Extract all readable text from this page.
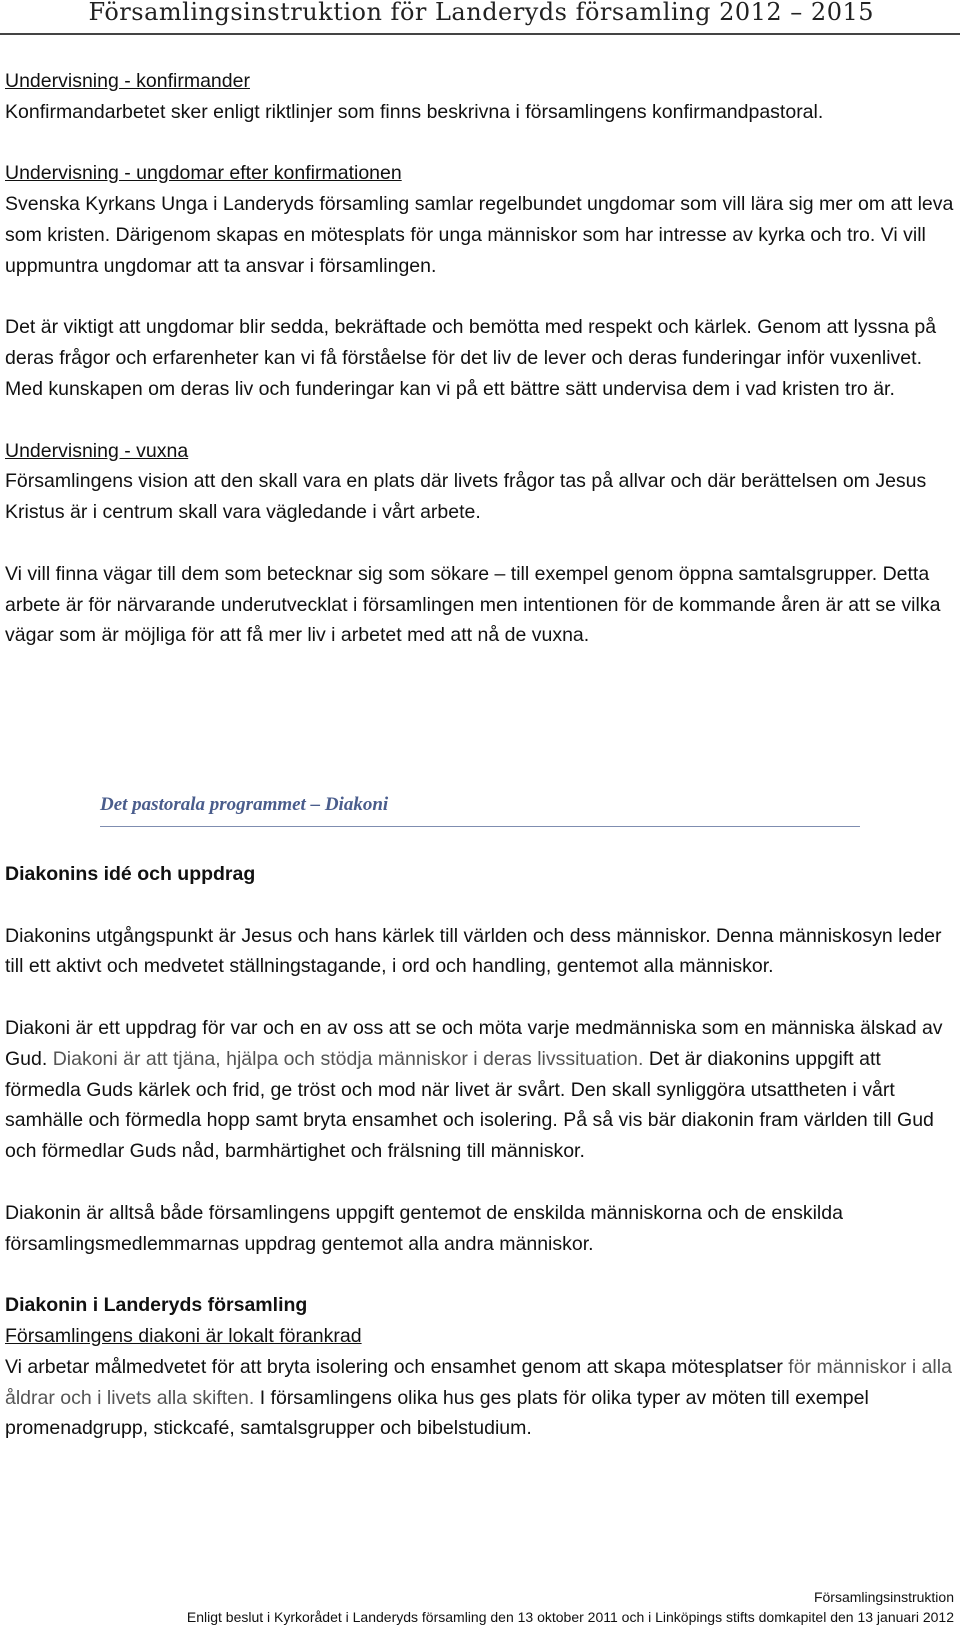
Församlingsinstruktion för Landeryds församling 2012 – 2015

Undervisning - konfirmander

Konfirmandarbetet sker enligt riktlinjer som finns beskrivna i församlingens konfirmandpastoral.

Undervisning - ungdomar efter konfirmationen

Svenska Kyrkans Unga i Landeryds församling samlar regelbundet ungdomar som vill lära sig mer om att leva som kristen. Därigenom skapas en mötesplats för unga människor som har intresse av kyrka och tro. Vi vill uppmuntra ungdomar att ta ansvar i församlingen.

Det är viktigt att ungdomar blir sedda, bekräftade och bemötta med respekt och kärlek. Genom att lyssna på deras frågor och erfarenheter kan vi få förståelse för det liv de lever och deras funderingar inför vuxenlivet. Med kunskapen om deras liv och funderingar kan vi på ett bättre sätt undervisa dem i vad kristen tro är.

Undervisning - vuxna

Församlingens vision att den skall vara en plats där livets frågor tas på allvar och där berättelsen om Jesus Kristus är i centrum skall vara vägledande i vårt arbete.

Vi vill finna vägar till dem som betecknar sig som sökare – till exempel genom öppna samtalsgrupper. Detta arbete är för närvarande underutvecklat i församlingen men intentionen för de kommande åren är att se vilka vägar som är möjliga för att få mer liv i arbetet med att nå de vuxna.

Det pastorala programmet – Diakoni

Diakonins idé och uppdrag

Diakonins utgångspunkt är Jesus och hans kärlek till världen och dess människor. Denna människosyn leder till ett aktivt och medvetet ställningstagande, i ord och handling, gentemot alla människor.

Diakoni är ett uppdrag för var och en av oss att se och möta varje medmänniska som en människa älskad av Gud. Diakoni är att tjäna, hjälpa och stödja människor i deras livssituation. Det är diakonins uppgift att förmedla Guds kärlek och frid, ge tröst och mod när livet är svårt. Den skall synliggöra utsattheten i vårt samhälle och förmedla hopp samt bryta ensamhet och isolering. På så vis bär diakonin fram världen till Gud och förmedlar Guds nåd, barmhärtighet och frälsning till människor.

Diakonin är alltså både församlingens uppgift gentemot de enskilda människorna och de enskilda församlingsmedlemmarnas uppdrag gentemot alla andra människor.

Diakonin i Landeryds församling

Församlingens diakoni är lokalt förankrad

Vi arbetar målmedvetet för att bryta isolering och ensamhet genom att skapa mötesplatser för människor i alla åldrar och i livets alla skiften. I församlingens olika hus ges plats för olika typer av möten till exempel promenadgrupp, stickcafé, samtalsgrupper och bibelstudium.

Församlingsinstruktion
Enligt beslut i Kyrkorådet i Landeryds församling den 13 oktober 2011 och i Linköpings stifts domkapitel den 13 januari 2012
